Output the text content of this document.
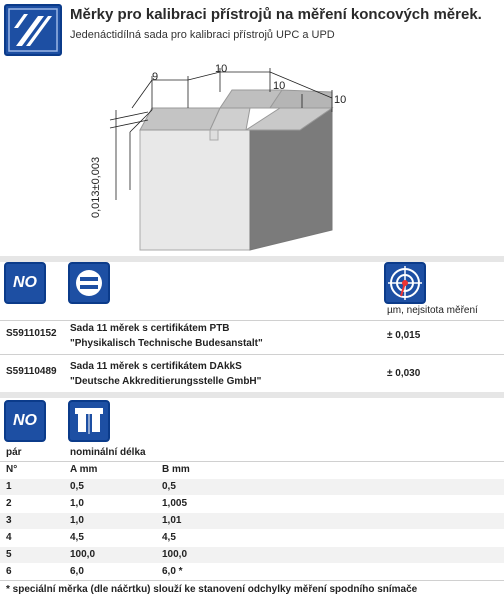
Měrky pro kalibraci přístrojů na měření koncových měrek.
Jedenáctidílná sada pro kalibraci přístrojů UPC a UPD
9
10
10
10
0,013±0,003
NO
µm, nejsitota měření
S59110152 Sada 11 měrek s certifikátem PTB
"Physikalisch Technische Budesanstalt"
± 0,015
S59110489 Sada 11 měrek s certifikátem DAkkS
"Deutsche Akkreditierungsstelle GmbH"
± 0,030
NO
pár	nominální délka
N°	A mm	B mm
1	0,5	0,5
2	1,0	1,005
3	1,0	1,01
4	4,5	4,5
5	100,0	100,0
6	6,0	6,0 *
* speciální měrka (dle náčrtku) slouží ke stanovení odchylky měření spodního snímače
